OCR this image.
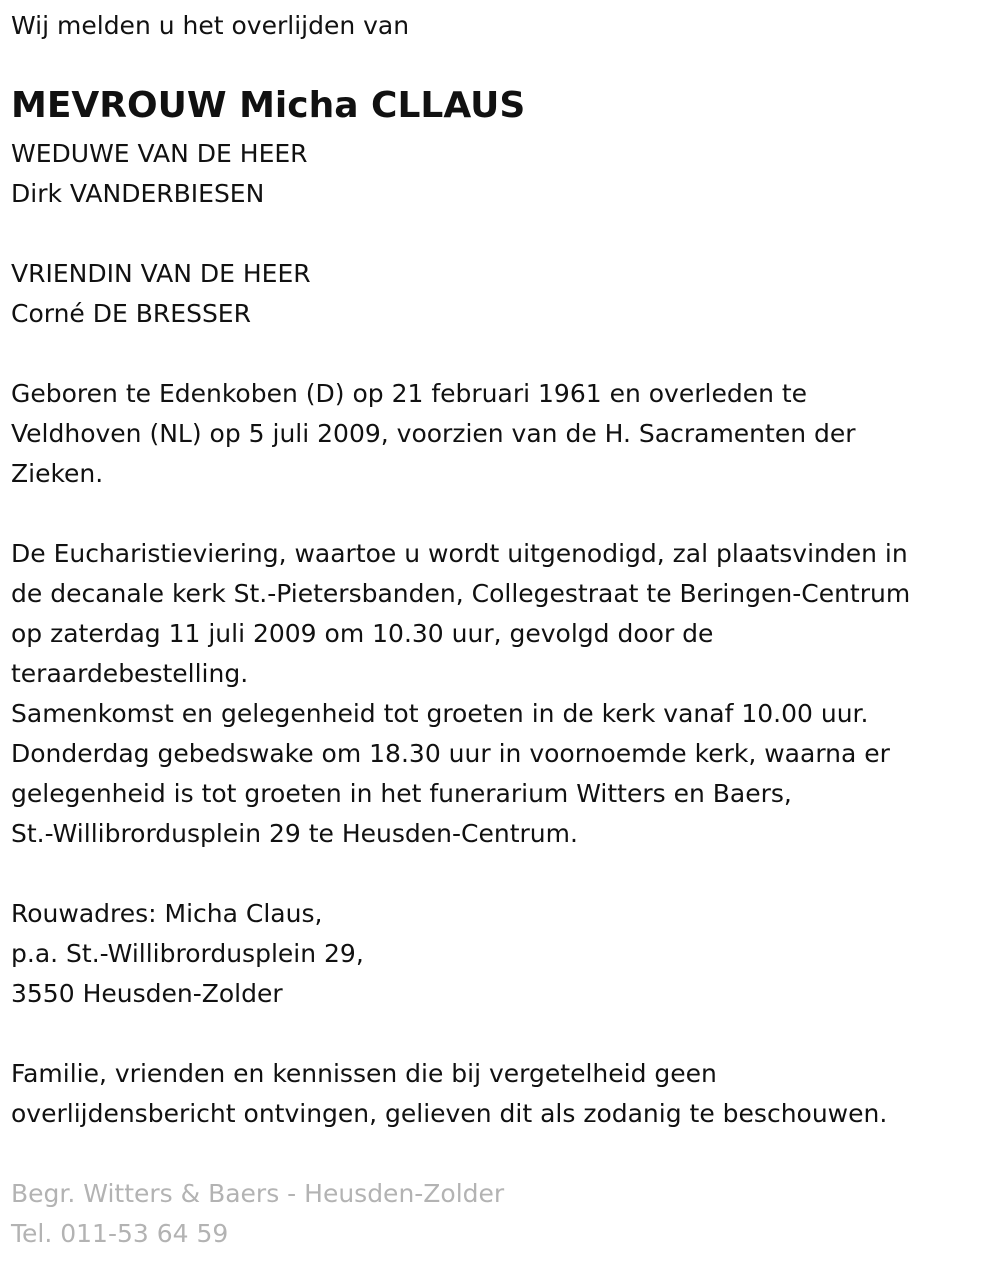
Wij melden u het overlijden van

MEVROUW Micha CLLAUS

WEDUWE VAN DE HEER

Dirk VANDERBIESEN

VRIENDIN VAN DE HEER

Corné DE BRESSER

Geboren te Edenkoben (D) op 21 februari 1961 en overleden te

Veldhoven (NL) op 5 juli 2009, voorzien van de H. Sacramenten der

Zieken.

De Eucharistieviering, waartoe u wordt uitgenodigd, zal plaatsvinden in

de decanale kerk St.-Pietersbanden, Collegestraat te Beringen-Centrum

op zaterdag 11 juli 2009 om 10.30 uur, gevolgd door de

teraardebestelling.

Samenkomst en gelegenheid tot groeten in de kerk vanaf 10.00 uur.

Donderdag gebedswake om 18.30 uur in voornoemde kerk, waarna er

gelegenheid is tot groeten in het funerarium Witters en Baers,

St.-Willibrordusplein 29 te Heusden-Centrum.

Rouwadres: Micha Claus,

p.a. St.-Willibrordusplein 29,

3550 Heusden-Zolder

Familie, vrienden en kennissen die bij vergetelheid geen

overlijdensbericht ontvingen, gelieven dit als zodanig te beschouwen.

Begr. Witters & Baers - Heusden-Zolder

Tel. 011-53 64 59
